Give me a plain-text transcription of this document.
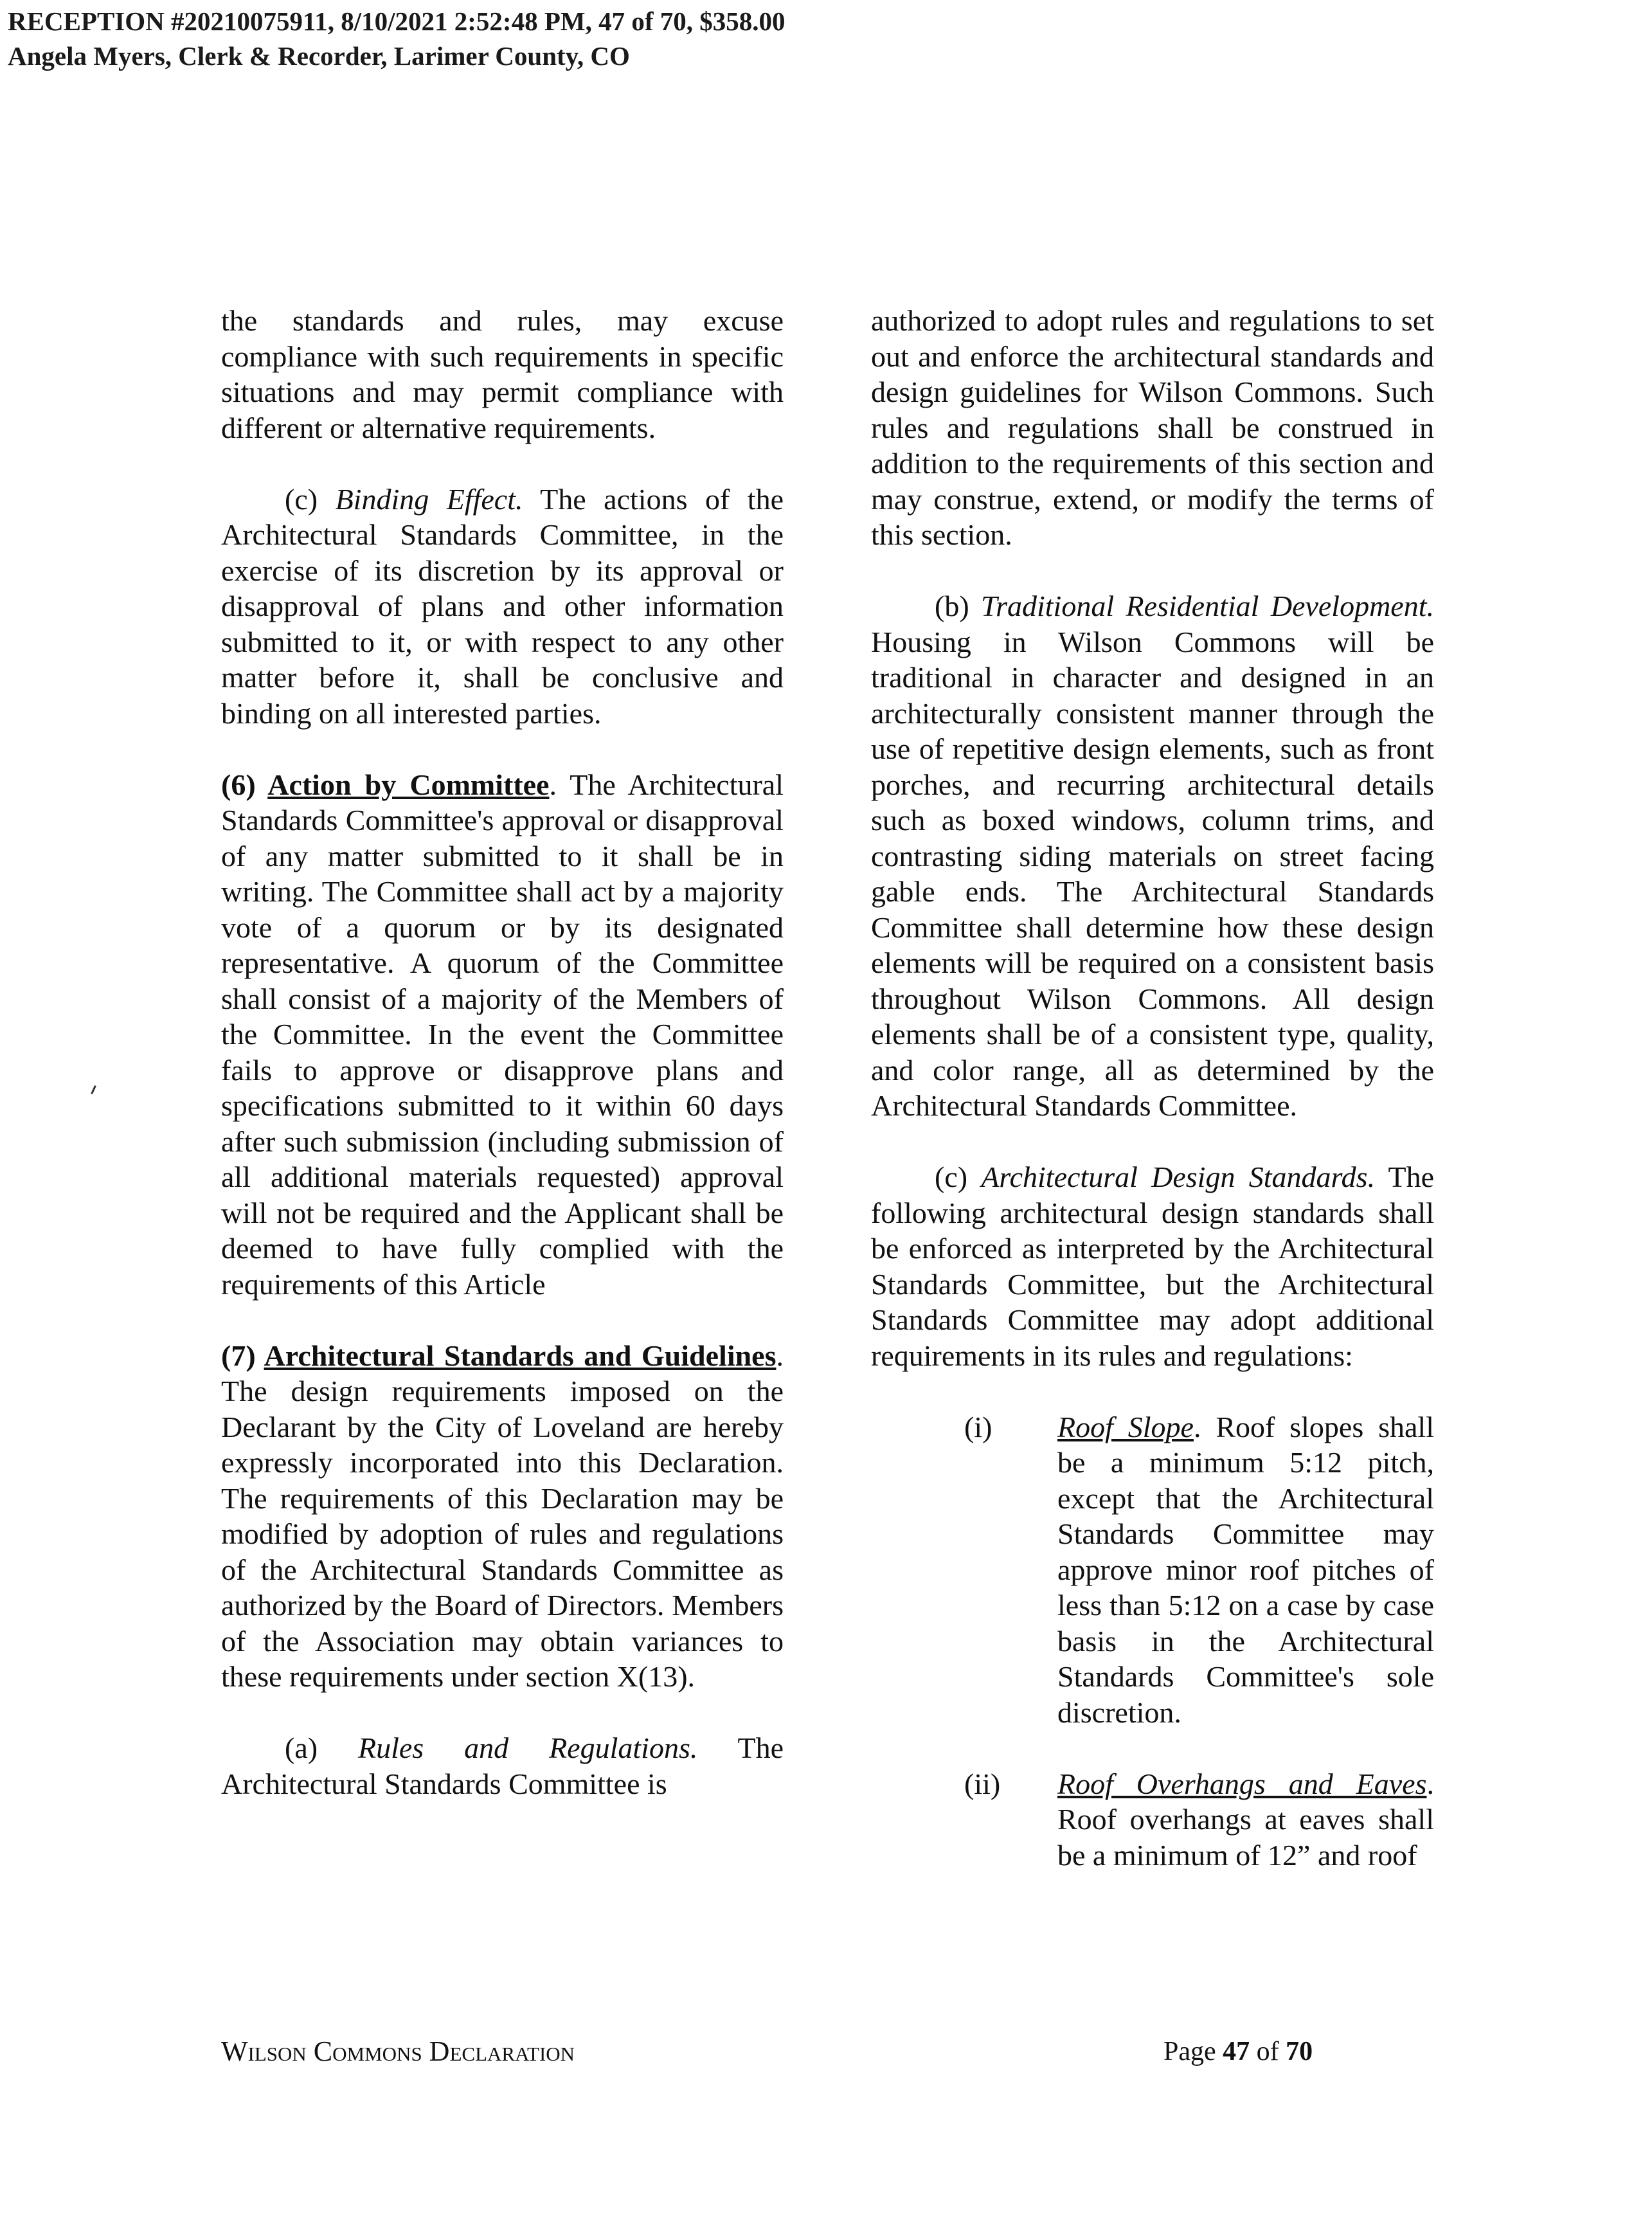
RECEPTION #20210075911, 8/10/2021 2:52:48 PM, 47 of 70, $358.00
Angela Myers, Clerk & Recorder, Larimer County, CO

the standards and rules, may excuse compliance with such requirements in specific situations and may permit compliance with different or alternative requirements.

(c) Binding Effect. The actions of the Architectural Standards Committee, in the exercise of its discretion by its approval or disapproval of plans and other information submitted to it, or with respect to any other matter before it, shall be conclusive and binding on all interested parties.

(6) Action by Committee. The Architectural Standards Committee's approval or disapproval of any matter submitted to it shall be in writing. The Committee shall act by a majority vote of a quorum or by its designated representative. A quorum of the Committee shall consist of a majority of the Members of the Committee. In the event the Committee fails to approve or disapprove plans and specifications submitted to it within 60 days after such submission (including submission of all additional materials requested) approval will not be required and the Applicant shall be deemed to have fully complied with the requirements of this Article

(7) Architectural Standards and Guidelines. The design requirements imposed on the Declarant by the City of Loveland are hereby expressly incorporated into this Declaration. The requirements of this Declaration may be modified by adoption of rules and regulations of the Architectural Standards Committee as authorized by the Board of Directors. Members of the Association may obtain variances to these requirements under section X(13).

(a) Rules and Regulations. The Architectural Standards Committee is

authorized to adopt rules and regulations to set out and enforce the architectural standards and design guidelines for Wilson Commons. Such rules and regulations shall be construed in addition to the requirements of this section and may construe, extend, or modify the terms of this section.

(b) Traditional Residential Development. Housing in Wilson Commons will be traditional in character and designed in an architecturally consistent manner through the use of repetitive design elements, such as front porches, and recurring architectural details such as boxed windows, column trims, and contrasting siding materials on street facing gable ends. The Architectural Standards Committee shall determine how these design elements will be required on a consistent basis throughout Wilson Commons. All design elements shall be of a consistent type, quality, and color range, all as determined by the Architectural Standards Committee.

(c) Architectural Design Standards. The following architectural design standards shall be enforced as interpreted by the Architectural Standards Committee, but the Architectural Standards Committee may adopt additional requirements in its rules and regulations:

(i)	Roof Slope. Roof slopes shall be a minimum 5:12 pitch, except that the Architectural Standards Committee may approve minor roof pitches of less than 5:12 on a case by case basis in the Architectural Standards Committee's sole discretion.
(ii)	Roof Overhangs and Eaves. Roof overhangs at eaves shall be a minimum of 12” and roof
Wilson Commons Declaration	Page 47 of 70
